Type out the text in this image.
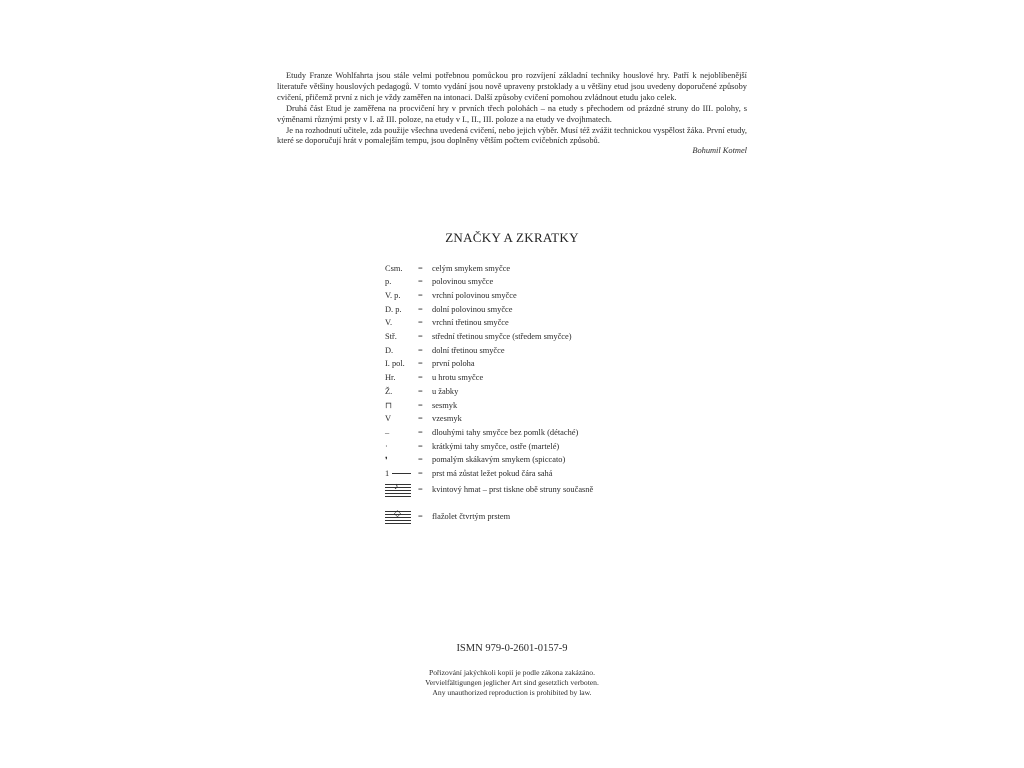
Etudy Franze Wohlfahrta jsou stále velmi potřebnou pomůckou pro rozvíjení základní techniky houslové hry. Patří k nejoblíbenější literatuře většiny houslových pedagogů. V tomto vydání jsou nově upraveny prstoklady a u většiny etud jsou uvedeny doporučené způsoby cvičení, přičemž první z nich je vždy zaměřen na intonaci. Další způsoby cvičení pomohou zvládnout etudu jako celek.

Druhá část Etud je zaměřena na procvičení hry v prvních třech polohách – na etudy s přechodem od prázdné struny do III. polohy, s výměnami různými prsty v I. až III. poloze, na etudy v I., II., III. poloze a na etudy ve dvojhmatech.

Je na rozhodnutí učitele, zda použije všechna uvedená cvičení, nebo jejich výběr. Musí též zvážit technickou vyspělost žáka. První etudy, které se doporučují hrát v pomalejším tempu, jsou doplněny větším počtem cvičebních způsobů.

Bohumil Kotmel
ZNAČKY A ZKRATKY
Csm.	=	celým smykem smyčce
p.	=	polovinou smyčce
V. p.	=	vrchní polovinou smyčce
D. p.	=	dolní polovinou smyčce
V.	=	vrchní třetinou smyčce
Stř.	=	střední třetinou smyčce (středem smyčce)
D.	=	dolní třetinou smyčce
I. pol.	=	první poloha
Hr.	=	u hrotu smyčce
Ž.	=	u žabky
⊓	=	sesmyk
V	=	vzesmyk
–	=	dlouhými tahy smyčce bez pomlk (détaché)
·	=	krátkými tahy smyčce, ostře (martelé)
❜	=	pomalým skákavým smykem (spiccato)
1	=	prst má zůstat ležet pokud čára sahá
♪ =	kvintový hmat – prst tiskne obě struny současně
◇ =	flažolet čtvrtým prstem
ISMN 979-0-2601-0157-9
Pořizování jakýchkoli kopií je podle zákona zakázáno.
Vervielfältigungen jeglicher Art sind gesetzlich verboten.
Any unauthorized reproduction is prohibited by law.
